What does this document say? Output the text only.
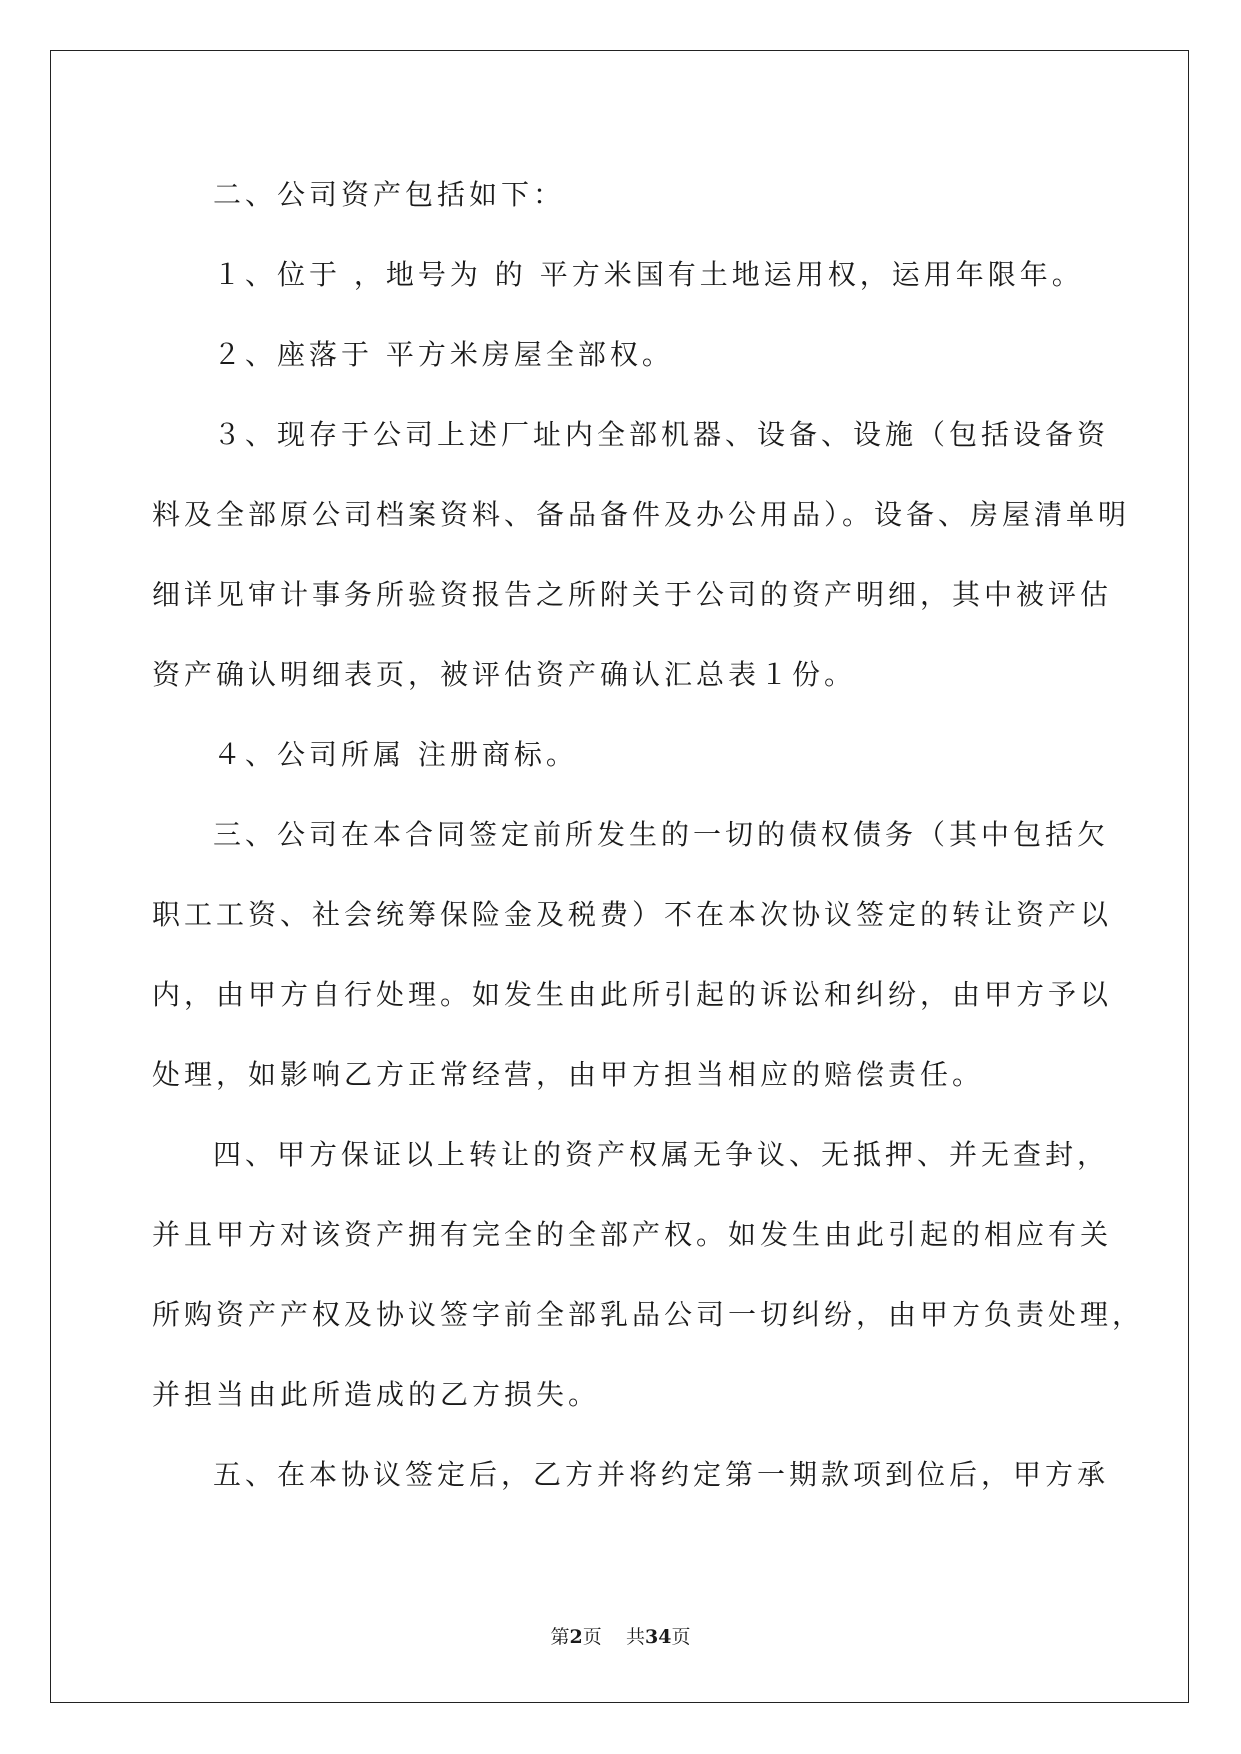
二、公司资产包括如下：
１、位于 ，地号为 的 平方米国有土地运用权，运用年限年。
２、座落于 平方米房屋全部权。
３、现存于公司上述厂址内全部机器、设备、设施（包括设备资
料及全部原公司档案资料、备品备件及办公用品）。设备、房屋清单明
细详见审计事务所验资报告之所附关于公司的资产明细，其中被评估
资产确认明细表页，被评估资产确认汇总表１份。
４、公司所属 注册商标。
三、公司在本合同签定前所发生的一切的债权债务（其中包括欠
职工工资、社会统筹保险金及税费）不在本次协议签定的转让资产以
内，由甲方自行处理。如发生由此所引起的诉讼和纠纷，由甲方予以
处理，如影响乙方正常经营，由甲方担当相应的赔偿责任。
四、甲方保证以上转让的资产权属无争议、无抵押、并无查封，
并且甲方对该资产拥有完全的全部产权。如发生由此引起的相应有关
所购资产产权及协议签字前全部乳品公司一切纠纷，由甲方负责处理，
并担当由此所造成的乙方损失。
五、在本协议签定后，乙方并将约定第一期款项到位后，甲方承
第2页 共34页
